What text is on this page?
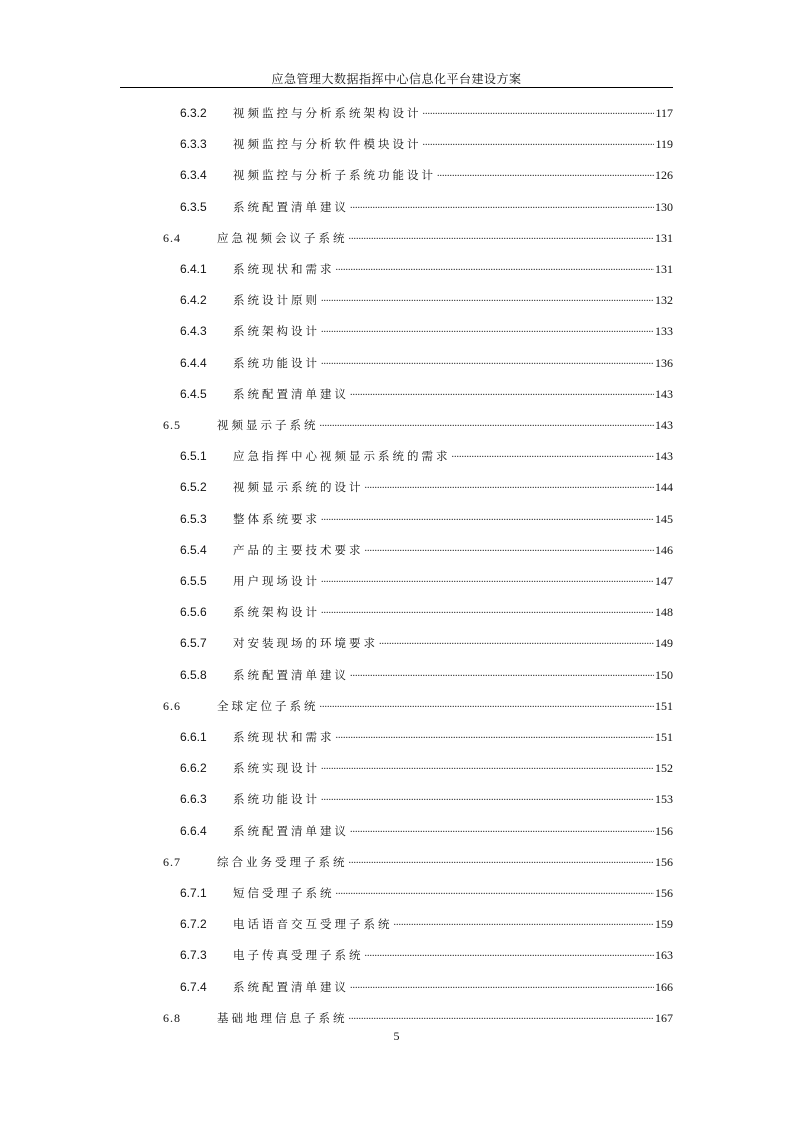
应急管理大数据指挥中心信息化平台建设方案
6.3.2	视频监控与分析系统架构设计 .....	117
6.3.3	视频监控与分析软件模块设计 .....	119
6.3.4	视频监控与分析子系统功能设计 .....	126
6.3.5	系统配置清单建议 .....	130
6.4	应急视频会议子系统 .....	131
6.4.1	系统现状和需求 .....	131
6.4.2	系统设计原则 .....	132
6.4.3	系统架构设计 .....	133
6.4.4	系统功能设计 .....	136
6.4.5	系统配置清单建议 .....	143
6.5	视频显示子系统 .....	143
6.5.1	应急指挥中心视频显示系统的需求 .....	143
6.5.2	视频显示系统的设计 .....	144
6.5.3	整体系统要求 .....	145
6.5.4	产品的主要技术要求 .....	146
6.5.5	用户现场设计 .....	147
6.5.6	系统架构设计 .....	148
6.5.7	对安装现场的环境要求 .....	149
6.5.8	系统配置清单建议 .....	150
6.6	全球定位子系统 .....	151
6.6.1	系统现状和需求 .....	151
6.6.2	系统实现设计 .....	152
6.6.3	系统功能设计 .....	153
6.6.4	系统配置清单建议 .....	156
6.7	综合业务受理子系统 .....	156
6.7.1	短信受理子系统 .....	156
6.7.2	电话语音交互受理子系统 .....	159
6.7.3	电子传真受理子系统 .....	163
6.7.4	系统配置清单建议 .....	166
6.8	基础地理信息子系统 .....	167
5
